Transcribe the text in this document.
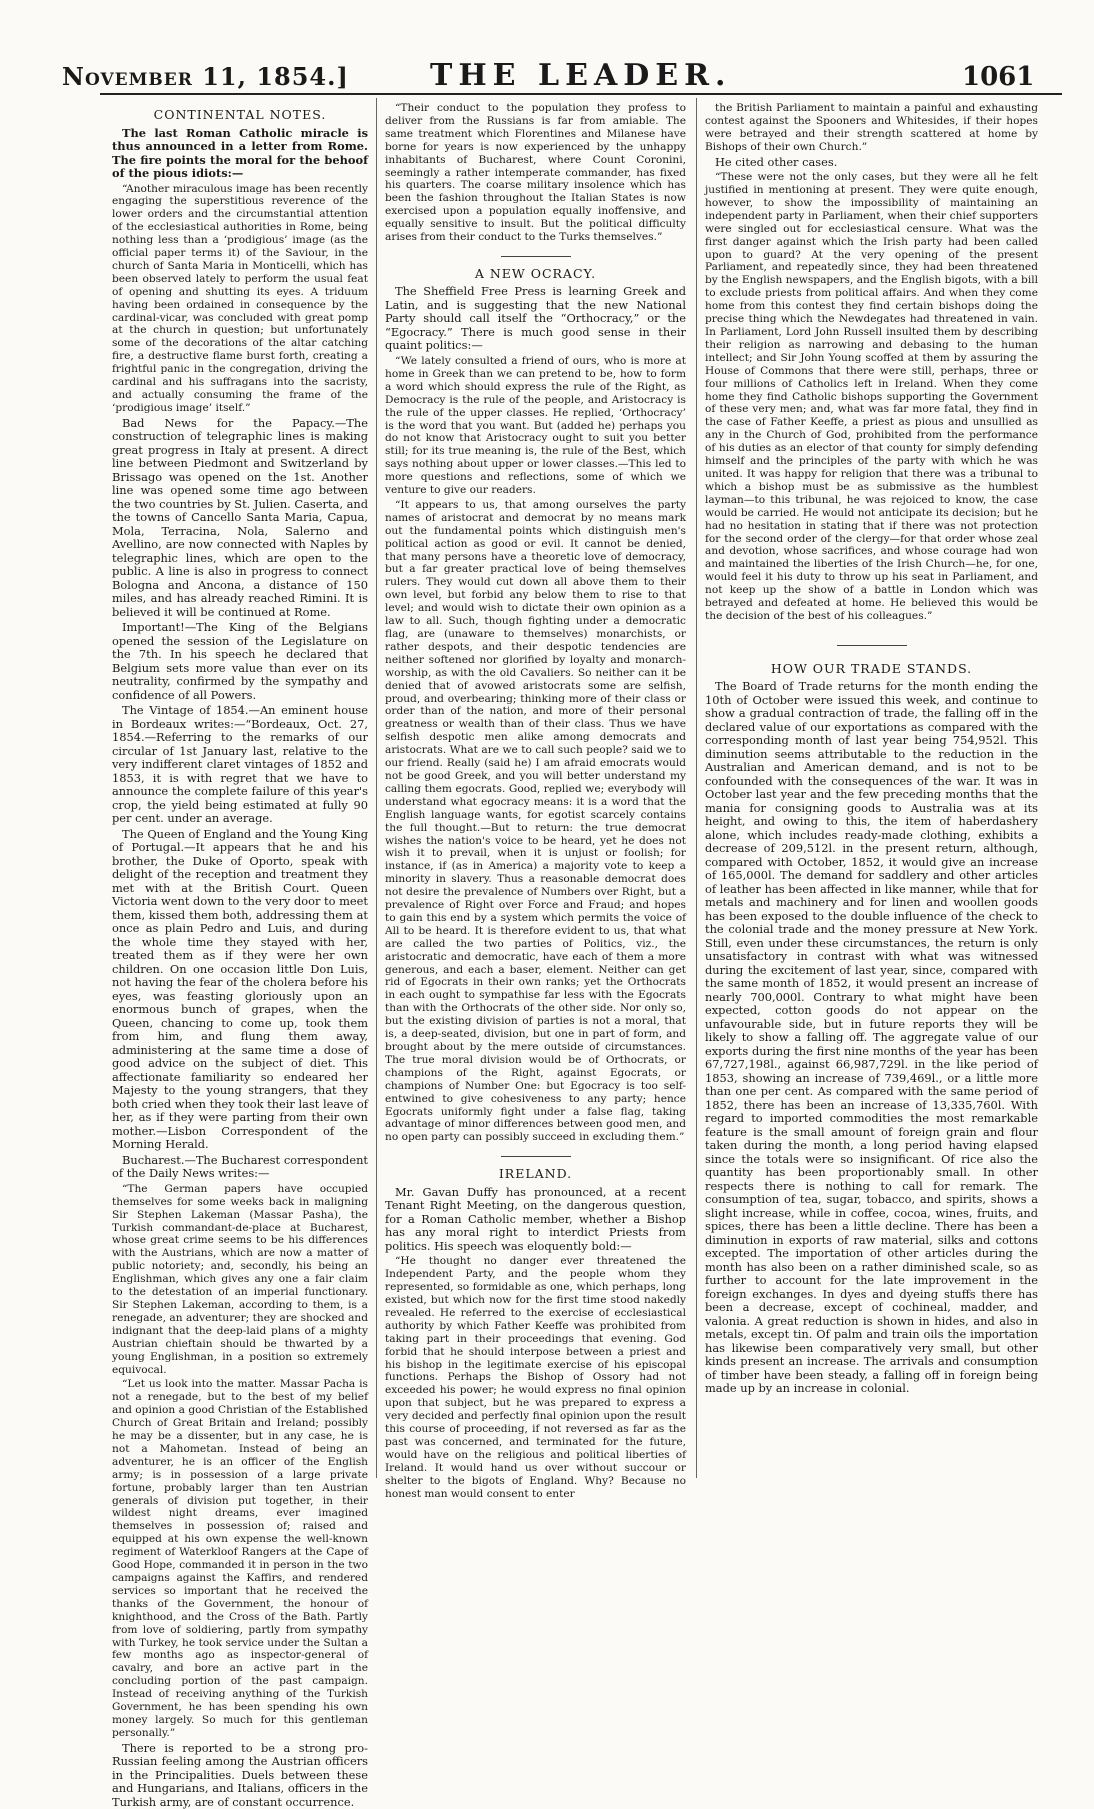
November 11, 1854.]	THE LEADER.	1061
CONTINENTAL NOTES.

The last Roman Catholic miracle is thus announced in a letter from Rome. The fire points the moral for the behoof of the pious idiots:—

“Another miraculous image has been recently engaging the superstitious reverence of the lower orders and the circumstantial attention of the ecclesiastical authorities in Rome, being nothing less than a ‘prodigious’ image (as the official paper terms it) of the Saviour, in the church of Santa Maria in Monticelli, which has been observed lately to perform the usual feat of opening and shutting its eyes. A triduum having been ordained in consequence by the cardinal-vicar, was concluded with great pomp at the church in question; but unfortunately some of the decorations of the altar catching fire, a destructive flame burst forth, creating a frightful panic in the congregation, driving the cardinal and his suffragans into the sacristy, and actually consuming the frame of the ‘prodigious image’ itself.”

Bad News for the Papacy.—The construction of telegraphic lines is making great progress in Italy at present. A direct line between Piedmont and Switzerland by Brissago was opened on the 1st. Another line was opened some time ago between the two countries by St. Julien. Caserta, and the towns of Cancello Santa Maria, Capua, Mola, Terracina, Nola, Salerno and Avellino, are now connected with Naples by telegraphic lines, which are open to the public. A line is also in progress to connect Bologna and Ancona, a distance of 150 miles, and has already reached Rimini. It is believed it will be continued at Rome.

Important!—The King of the Belgians opened the session of the Legislature on the 7th. In his speech he declared that Belgium sets more value than ever on its neutrality, confirmed by the sympathy and confidence of all Powers.

The Vintage of 1854.—An eminent house in Bordeaux writes:—“Bordeaux, Oct. 27, 1854.—Referring to the remarks of our circular of 1st January last, relative to the very indifferent claret vintages of 1852 and 1853, it is with regret that we have to announce the complete failure of this year's crop, the yield being estimated at fully 90 per cent. under an average.

The Queen of England and the Young King of Portugal.—It appears that he and his brother, the Duke of Oporto, speak with delight of the reception and treatment they met with at the British Court. Queen Victoria went down to the very door to meet them, kissed them both, addressing them at once as plain Pedro and Luis, and during the whole time they stayed with her, treated them as if they were her own children. On one occasion little Don Luis, not having the fear of the cholera before his eyes, was feasting gloriously upon an enormous bunch of grapes, when the Queen, chancing to come up, took them from him, and flung them away, administering at the same time a dose of good advice on the subject of diet. This affectionate familiarity so endeared her Majesty to the young strangers, that they both cried when they took their last leave of her, as if they were parting from their own mother.—Lisbon Correspondent of the Morning Herald.

Bucharest.—The Bucharest correspondent of the Daily News writes:—

“The German papers have occupied themselves for some weeks back in maligning Sir Stephen Lakeman (Massar Pasha), the Turkish commandant-de-place at Bucharest, whose great crime seems to be his differences with the Austrians, which are now a matter of public notoriety; and, secondly, his being an Englishman, which gives any one a fair claim to the detestation of an imperial functionary. Sir Stephen Lakeman, according to them, is a renegade, an adventurer; they are shocked and indignant that the deep-laid plans of a mighty Austrian chieftain should be thwarted by a young Englishman, in a position so extremely equivocal.

“Let us look into the matter. Massar Pacha is not a renegade, but to the best of my belief and opinion a good Christian of the Established Church of Great Britain and Ireland; possibly he may be a dissenter, but in any case, he is not a Mahometan. Instead of being an adventurer, he is an officer of the English army; is in possession of a large private fortune, probably larger than ten Austrian generals of division put together, in their wildest night dreams, ever imagined themselves in possession of; raised and equipped at his own expense the well-known regiment of Waterkloof Rangers at the Cape of Good Hope, commanded it in person in the two campaigns against the Kaffirs, and rendered services so important that he received the thanks of the Government, the honour of knighthood, and the Cross of the Bath. Partly from love of soldiering, partly from sympathy with Turkey, he took service under the Sultan a few months ago as inspector-general of cavalry, and bore an active part in the concluding portion of the past campaign. Instead of receiving anything of the Turkish Government, he has been spending his own money largely. So much for this gentleman personally.”

There is reported to be a strong pro-Russian feeling among the Austrian officers in the Principalities. Duels between these and Hungarians, and Italians, officers in the Turkish army, are of constant occurrence.

“Their conduct to the population they profess to deliver from the Russians is far from amiable. The same treatment which Florentines and Milanese have borne for years is now experienced by the unhappy inhabitants of Bucharest, where Count Coronini, seemingly a rather intemperate commander, has fixed his quarters. The coarse military insolence which has been the fashion throughout the Italian States is now exercised upon a population equally inoffensive, and equally sensitive to insult. But the political difficulty arises from their conduct to the Turks themselves.”

A NEW OCRACY.

The Sheffield Free Press is learning Greek and Latin, and is suggesting that the new National Party should call itself the “Orthocracy,” or the “Egocracy.” There is much good sense in their quaint politics:—

“We lately consulted a friend of ours, who is more at home in Greek than we can pretend to be, how to form a word which should express the rule of the Right, as Democracy is the rule of the people, and Aristocracy is the rule of the upper classes. He replied, ‘Orthocracy’ is the word that you want. But (added he) perhaps you do not know that Aristocracy ought to suit you better still; for its true meaning is, the rule of the Best, which says nothing about upper or lower classes.—This led to more questions and reflections, some of which we venture to give our readers.

“It appears to us, that among ourselves the party names of aristocrat and democrat by no means mark out the fundamental points which distinguish men's political action as good or evil. It cannot be denied, that many persons have a theoretic love of democracy, but a far greater practical love of being themselves rulers. They would cut down all above them to their own level, but forbid any below them to rise to that level; and would wish to dictate their own opinion as a law to all. Such, though fighting under a democratic flag, are (unaware to themselves) monarchists, or rather despots, and their despotic tendencies are neither softened nor glorified by loyalty and monarch-worship, as with the old Cavaliers. So neither can it be denied that of avowed aristocrats some are selfish, proud, and overbearing; thinking more of their class or order than of the nation, and more of their personal greatness or wealth than of their class. Thus we have selfish despotic men alike among democrats and aristocrats. What are we to call such people? said we to our friend. Really (said he) I am afraid emocrats would not be good Greek, and you will better understand my calling them egocrats. Good, replied we; everybody will understand what egocracy means: it is a word that the English language wants, for egotist scarcely contains the full thought.—But to return: the true democrat wishes the nation's voice to be heard, yet he does not wish it to prevail, when it is unjust or foolish; for instance, if (as in America) a majority vote to keep a minority in slavery. Thus a reasonable democrat does not desire the prevalence of Numbers over Right, but a prevalence of Right over Force and Fraud; and hopes to gain this end by a system which permits the voice of All to be heard. It is therefore evident to us, that what are called the two parties of Politics, viz., the aristocratic and democratic, have each of them a more generous, and each a baser, element. Neither can get rid of Egocrats in their own ranks; yet the Orthocrats in each ought to sympathise far less with the Egocrats than with the Orthocrats of the other side. Nor only so, but the existing division of parties is not a moral, that is, a deep-seated, division, but one in part of form, and brought about by the mere outside of circumstances. The true moral division would be of Orthocrats, or champions of the Right, against Egocrats, or champions of Number One: but Egocracy is too self-entwined to give cohesiveness to any party; hence Egocrats uniformly fight under a false flag, taking advantage of minor differences between good men, and no open party can possibly succeed in excluding them.”

IRELAND.

Mr. Gavan Duffy has pronounced, at a recent Tenant Right Meeting, on the dangerous question, for a Roman Catholic member, whether a Bishop has any moral right to interdict Priests from politics. His speech was eloquently bold:—

“He thought no danger ever threatened the Independent Party, and the people whom they represented, so formidable as one, which perhaps, long existed, but which now for the first time stood nakedly revealed. He referred to the exercise of ecclesiastical authority by which Father Keeffe was prohibited from taking part in their proceedings that evening. God forbid that he should interpose between a priest and his bishop in the legitimate exercise of his episcopal functions. Perhaps the Bishop of Ossory had not exceeded his power; he would express no final opinion upon that subject, but he was prepared to express a very decided and perfectly final opinion upon the result this course of proceeding, if not reversed as far as the past was concerned, and terminated for the future, would have on the religious and political liberties of Ireland. It would hand us over without succour or shelter to the bigots of England. Why? Because no honest man would consent to enter

the British Parliament to maintain a painful and exhausting contest against the Spooners and Whitesides, if their hopes were betrayed and their strength scattered at home by Bishops of their own Church.”

He cited other cases.

“These were not the only cases, but they were all he felt justified in mentioning at present. They were quite enough, however, to show the impossibility of maintaining an independent party in Parliament, when their chief supporters were singled out for ecclesiastical censure. What was the first danger against which the Irish party had been called upon to guard? At the very opening of the present Parliament, and repeatedly since, they had been threatened by the English newspapers, and the English bigots, with a bill to exclude priests from political affairs. And when they come home from this contest they find certain bishops doing the precise thing which the Newdegates had threatened in vain. In Parliament, Lord John Russell insulted them by describing their religion as narrowing and debasing to the human intellect; and Sir John Young scoffed at them by assuring the House of Commons that there were still, perhaps, three or four millions of Catholics left in Ireland. When they come home they find Catholic bishops supporting the Government of these very men; and, what was far more fatal, they find in the case of Father Keeffe, a priest as pious and unsullied as any in the Church of God, prohibited from the performance of his duties as an elector of that county for simply defending himself and the principles of the party with which he was united. It was happy for religion that there was a tribunal to which a bishop must be as submissive as the humblest layman—to this tribunal, he was rejoiced to know, the case would be carried. He would not anticipate its decision; but he had no hesitation in stating that if there was not protection for the second order of the clergy—for that order whose zeal and devotion, whose sacrifices, and whose courage had won and maintained the liberties of the Irish Church—he, for one, would feel it his duty to throw up his seat in Parliament, and not keep up the show of a battle in London which was betrayed and defeated at home. He believed this would be the decision of the best of his colleagues.”

HOW OUR TRADE STANDS.

The Board of Trade returns for the month ending the 10th of October were issued this week, and continue to show a gradual contraction of trade, the falling off in the declared value of our exportations as compared with the corresponding month of last year being 754,952l. This diminution seems attributable to the reduction in the Australian and American demand, and is not to be confounded with the consequences of the war. It was in October last year and the few preceding months that the mania for consigning goods to Australia was at its height, and owing to this, the item of haberdashery alone, which includes ready-made clothing, exhibits a decrease of 209,512l. in the present return, although, compared with October, 1852, it would give an increase of 165,000l. The demand for saddlery and other articles of leather has been affected in like manner, while that for metals and machinery and for linen and woollen goods has been exposed to the double influence of the check to the colonial trade and the money pressure at New York. Still, even under these circumstances, the return is only unsatisfactory in contrast with what was witnessed during the excitement of last year, since, compared with the same month of 1852, it would present an increase of nearly 700,000l. Contrary to what might have been expected, cotton goods do not appear on the unfavourable side, but in future reports they will be likely to show a falling off. The aggregate value of our exports during the first nine months of the year has been 67,727,198l., against 66,987,729l. in the like period of 1853, showing an increase of 739,469l., or a little more than one per cent. As compared with the same period of 1852, there has been an increase of 13,335,760l. With regard to imported commodities the most remarkable feature is the small amount of foreign grain and flour taken during the month, a long period having elapsed since the totals were so insignificant. Of rice also the quantity has been proportionably small. In other respects there is nothing to call for remark. The consumption of tea, sugar, tobacco, and spirits, shows a slight increase, while in coffee, cocoa, wines, fruits, and spices, there has been a little decline. There has been a diminution in exports of raw material, silks and cottons excepted. The importation of other articles during the month has also been on a rather diminished scale, so as further to account for the late improvement in the foreign exchanges. In dyes and dyeing stuffs there has been a decrease, except of cochineal, madder, and valonia. A great reduction is shown in hides, and also in metals, except tin. Of palm and train oils the importation has likewise been comparatively very small, but other kinds present an increase. The arrivals and consumption of timber have been steady, a falling off in foreign being made up by an increase in colonial.
